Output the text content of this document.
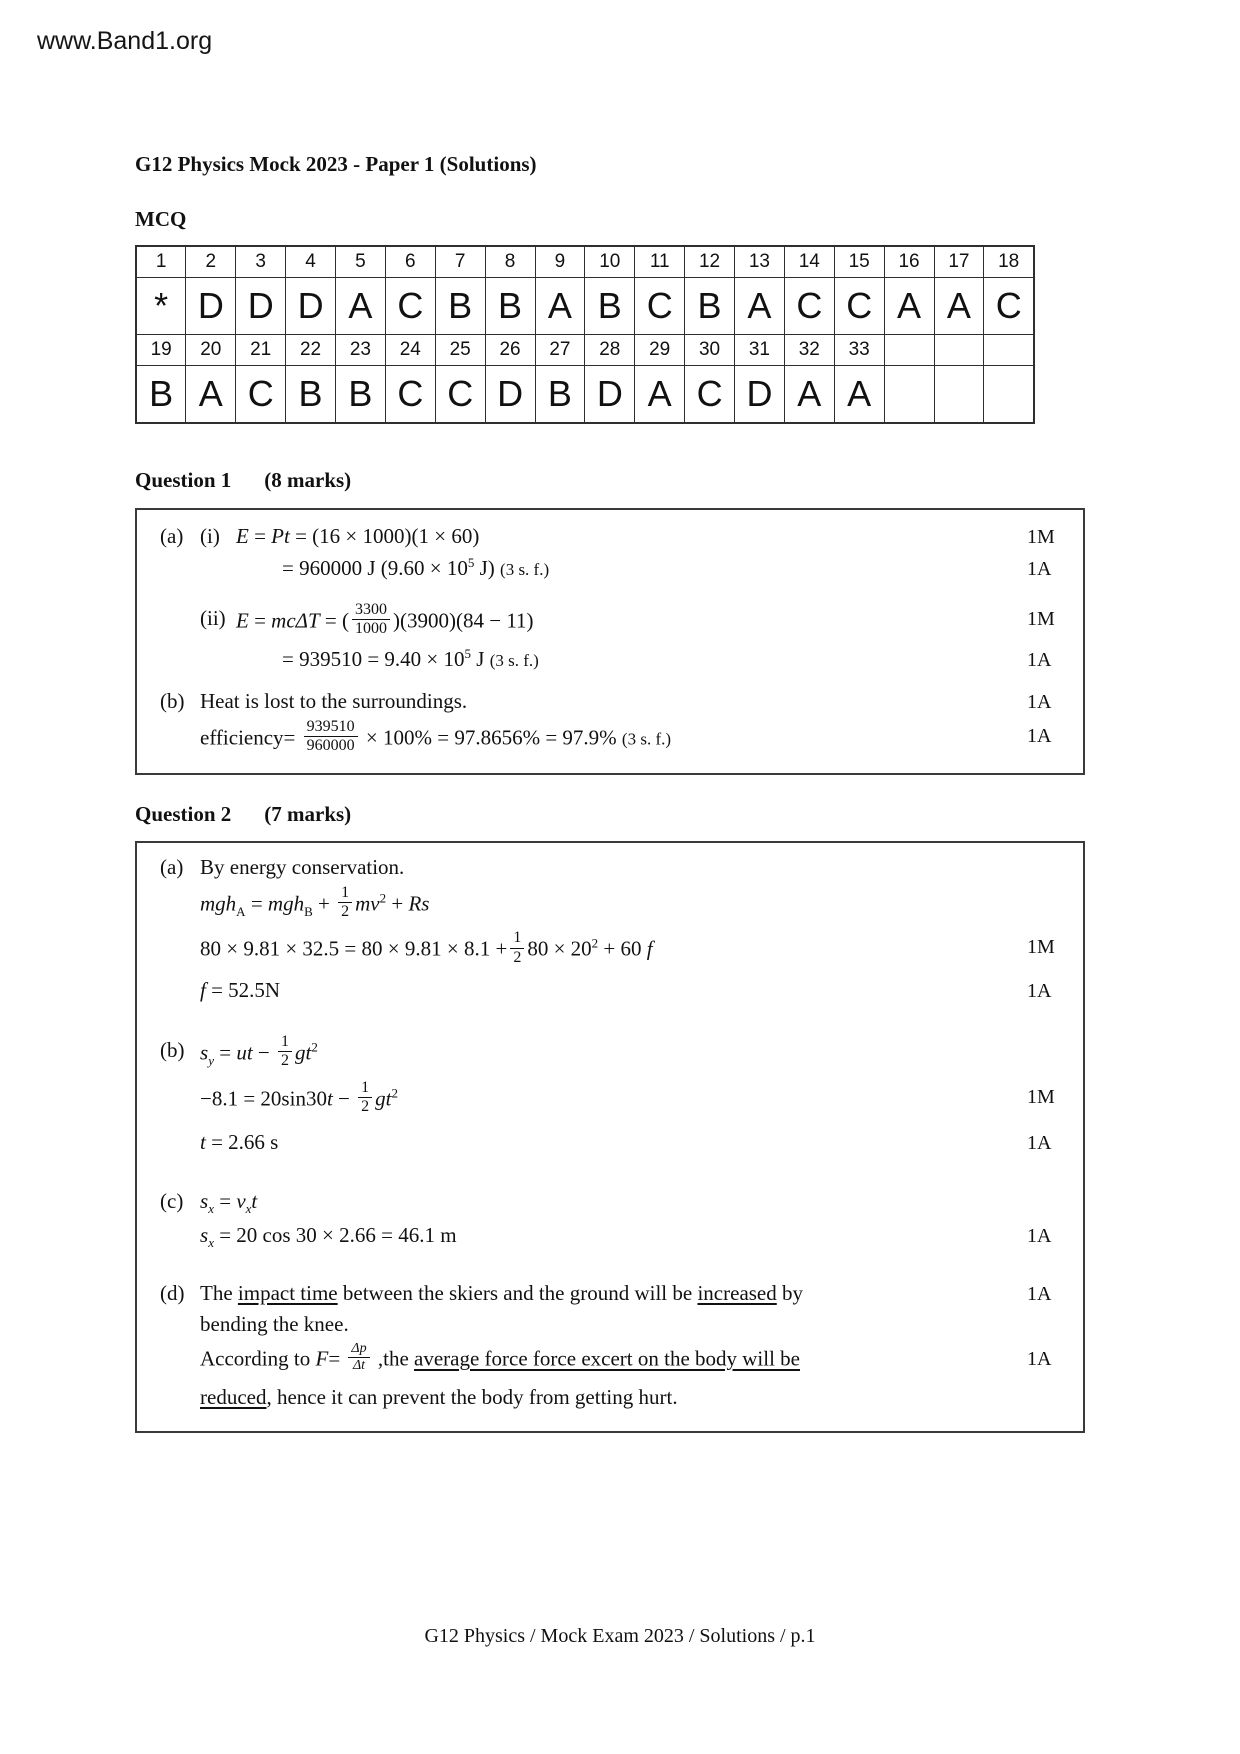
www.Band1.org
G12 Physics Mock 2023 - Paper 1 (Solutions)
MCQ
1	2	3	4	5	6	7	8	9	10	11	12	13	14	15	16	17	18
*	D	D	D	A	C	B	B	A	B	C	B	A	C	C	A	A	C
19	20	21	22	23	24	25	26	27	28	29	30	31	32	33			
B	A	C	B	B	C	C	D	B	D	A	C	D	A	A			
Question 1 (8 marks)
(a) (i) E = Pt = (16 × 1000)(1 × 60)	1M
= 960000 J ($9.60 \times 10^5$ J) (3 s. f.)	1A
(ii) E = mcΔT = ( $\frac{3300}{1000} )(3900)(84 - 11)$	1M
= $939510 = 9.40 \times 10^5$ J (3 s. f.)	1A
(b) Heat is lost to the surroundings.	1A
efficiency= $\frac{939510}{960000} \times 100\% = 97.8656\% = 97.9\%$ (3 s. f.)	1A
Question 2 (7 marks)
(a) By energy conservation.
$mgh_A = mgh_B + \frac{1}{2} mv^2 + Rs$
$80 \times 9.81 \times 32.5 = 80 \times 9.81 \times 8.1 + \frac{1}{2} 80 \times 20^2 + 60$ f	1M
f = 52.5N	1A
(b) $s_y$ = ut − $\frac{1}{2} gt^2$
$-8.1 = 20\sin 30t - \frac{1}{2} gt^2$	1M
t = 2.66 s	1A
(c) $s_x = v_xt$
$s_x = 20$ cos 30 × 2.66 = 46.1 m	1A
(d) The impact time between the skiers and the ground will be increased by	1A
bending the knee.
According to $F= \frac{\Delta p}{\Delta t} ,the$ average force force excert on the body will be	1A
reduced, hence it can prevent the body from getting hurt.
G12 Physics / Mock Exam 2023 / Solutions / p.1
